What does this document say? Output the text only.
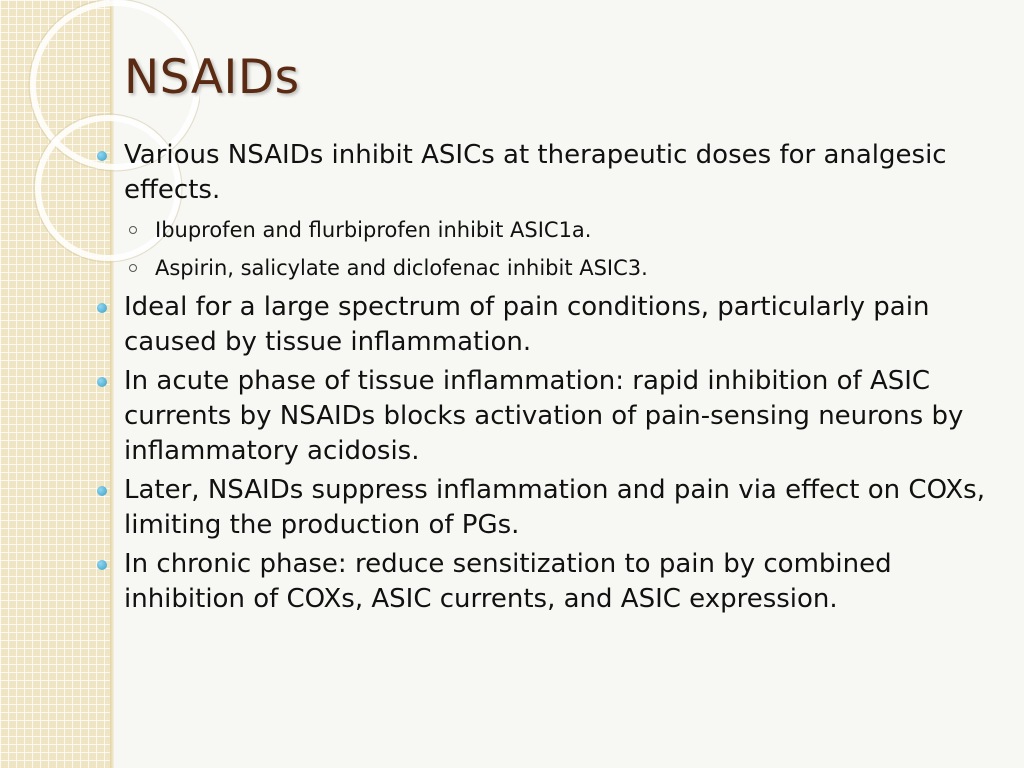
NSAIDs
Various NSAIDs inhibit ASICs at therapeutic doses for analgesic effects.
Ibuprofen and flurbiprofen inhibit ASIC1a.
Aspirin, salicylate and diclofenac inhibit ASIC3.
Ideal for a large spectrum of pain conditions, particularly pain caused by tissue inflammation.
In acute phase of tissue inflammation: rapid inhibition of ASIC currents by NSAIDs blocks activation of pain-sensing neurons by inflammatory acidosis.
Later, NSAIDs suppress inflammation and pain via effect on COXs, limiting the production of PGs.
In chronic phase: reduce sensitization to pain by combined inhibition of COXs, ASIC currents, and ASIC expression.
